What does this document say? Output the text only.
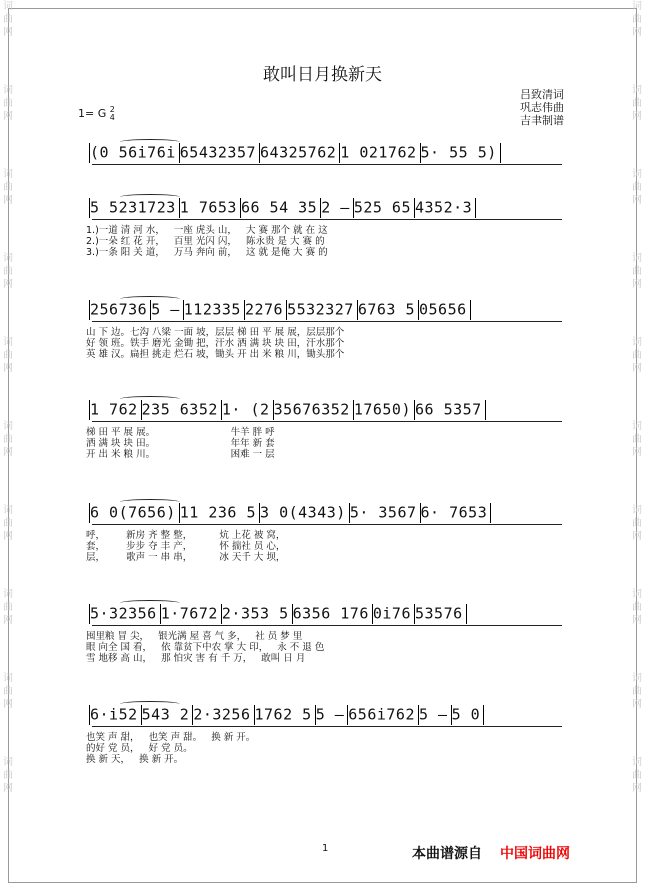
词
曲
网
词
曲
网
词
曲
网
词
曲
网
词
曲
网
词
曲
网
词
曲
网
词
曲
网
词
曲
网
词
曲
网
词
曲
网
词
曲
网
词
曲
网
词
曲
网
词
曲
网
词
曲
网
词
曲
网
词
曲
网
词
曲
网
词
曲
网
敢叫日月换新天
吕致清词
巩志伟曲
吉聿制谱
1= G 2
4
(0 56i76i 65432357 64325762 1 021762 5· 55 5)
5 5231723 1 7653 66 54 35 2 — 525 65 4352·3
1.)一道 清 河 水，   一座 虎头 山，   大 赛 那个 就 在 这
2.)一朵 红 花 开，   百里 光闪 闪，   陈永贵 是 大 赛 的
3.)一条 阳 关 道，   万马 奔向 前，   这 就 是俺 大 赛 的
256736 5 — 112335 2276 5532327 6763 5 05656
山 下 边。七沟 八梁 一面 坡，层层 梯 田 平 展 展，层层那个
好 领 班。铁手 磨光 金锄 把，汗水 洒 满 块 块 田，汗水那个
英 雄 汉。扁担 挑走 烂石 坡，锄头 开 出 米 粮 川，锄头那个
1 762 235 6352 1· (2 35676352 17650) 66 5357
梯 田 平 展 展。                         牛羊 胖 呼
洒 满 块 块 田。                         年年 新 套
开 出 米 粮 川。                         困难 一 层
6 0(7656) 11 236 5 3 0(4343) 5· 3567 6· 7653
呼，       新房 齐 整 整，         炕 上花 被 窝，
套，       步步 夺 丰 产，         怀 揣社 员 心，
层，       歌声 一 串 串，         冰 天千 大 坝，
5·32356 1·7672 2·353 5 6356 176 0i76 53576
囤里粮 冒 尖，   银光满 屋 喜 气 多，   社 员 梦 里
眼 向全 国 看，   依 靠贫下中农 掌 大 印，   永 不 退 色
雪 地移 高 山，   那 怕灾 害 有 千 万，   敢叫 日 月
6·i52 543 2 2·3256 1762 5 5 — 656i762 5 — 5 0
也笑 声 甜，   也笑 声 甜。   换 新 开。
的好 党 员，   好 党 员。
换 新 天，   换 新 开。
1	本曲谱源自 中国词曲网
